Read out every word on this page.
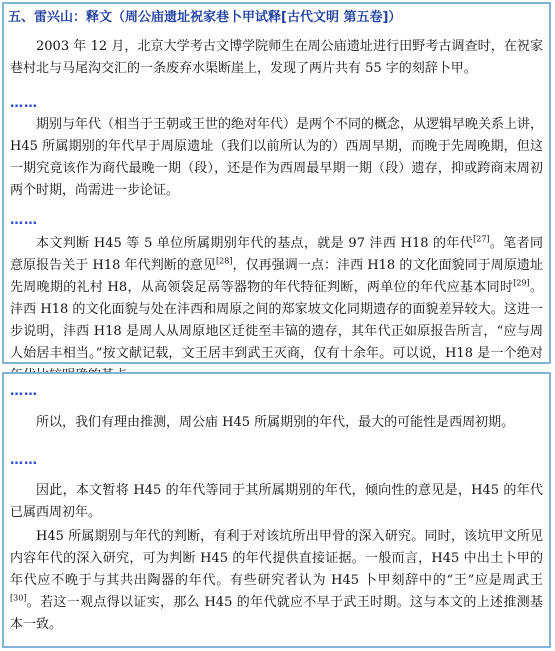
五、雷兴山：释文（周公庙遗址祝家巷卜甲试释[古代文明 第五卷]）

2003 年 12 月，北京大学考古文博学院师生在周公庙遗址进行田野考古调查时，在祝家巷村北与马尾沟交汇的一条废弃水渠断崖上，发现了两片共有 55 字的刻辞卜甲。

……

期别与年代（相当于王朝或王世的绝对年代）是两个不同的概念，从逻辑早晚关系上讲，H45 所属期别的年代早于周原遗址（我们以前所认为的）西周早期，而晚于先周晚期，但这一期究竟该作为商代最晚一期（段），还是作为西周最早期一期（段）遗存，抑或跨商末周初两个时期，尚需进一步论证。

……

本文判断 H45 等 5 单位所属期别年代的基点，就是 97 沣西 H18 的年代[27]。笔者同意原报告关于 H18 年代判断的意见[28]，仅再强调一点：沣西 H18 的文化面貌同于周原遗址先周晚期的礼村 H8，从高领袋足鬲等器物的年代特征判断，两单位的年代应基本同时[29]。沣西 H18 的文化面貌与处在沣西和周原之间的郑家坡文化同期遗存的面貌差异较大。这进一步说明，沣西 H18 是周人从周原地区迁徙至丰镐的遗存，其年代正如原报告所言，“应与周人始居丰相当。”按文献记载，文王居丰到武王灭商，仅有十余年。可以说，H18 是一个绝对

……

所以，我们有理由推测，周公庙 H45 所属期别的年代，最大的可能性是西周初期。

……

因此，本文暂将 H45 的年代等同于其所属期别的年代，倾向性的意见是，H45 的年代已属西周初年。

H45 所属期别与年代的判断，有利于对该坑所出甲骨的深入研究。同时，该坑甲文所见内容年代的深入研究，可为判断 H45 的年代提供直接证据。一般而言，H45 中出土卜甲的年代应不晚于与其共出陶器的年代。有些研究者认为 H45 卜甲刻辞中的“王”应是周武王[30]。若这一观点得以证实，那么 H45 的年代就应不早于武王时期。这与本文的上述推测基本一致。
